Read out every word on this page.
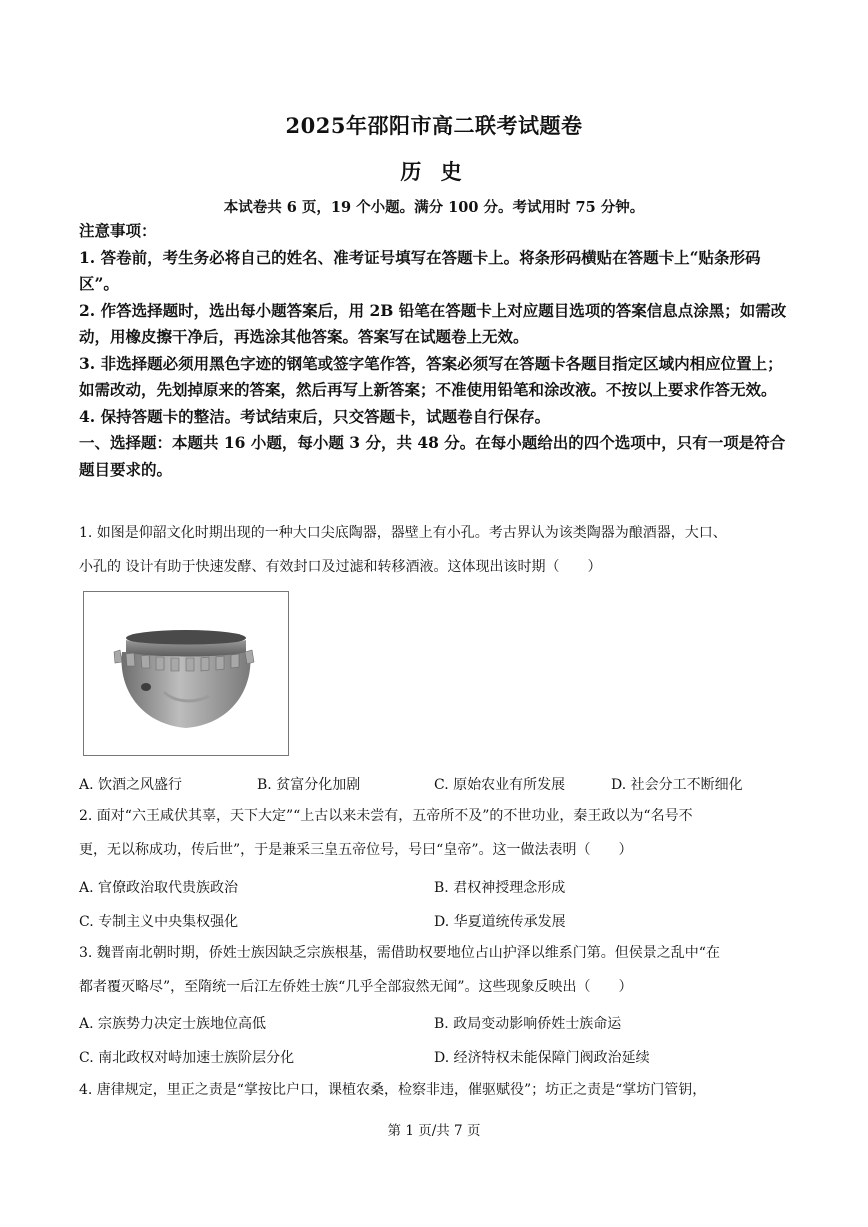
2025年邵阳市高二联考试题卷
历 史
本试卷共 6 页，19 个小题。满分 100 分。考试用时 75 分钟。

注意事项：

1. 答卷前，考生务必将自己的姓名、准考证号填写在答题卡上。将条形码横贴在答题卡上“贴条形码区”。

2. 作答选择题时，选出每小题答案后，用 2B 铅笔在答题卡上对应题目选项的答案信息点涂黑；如需改动，用橡皮擦干净后，再选涂其他答案。答案写在试题卷上无效。

3. 非选择题必须用黑色字迹的钢笔或签字笔作答，答案必须写在答题卡各题目指定区域内相应位置上；如需改动，先划掉原来的答案，然后再写上新答案；不准使用铅笔和涂改液。不按以上要求作答无效。

4. 保持答题卡的整洁。考试结束后，只交答题卡，试题卷自行保存。

一、选择题：本题共 16 小题，每小题 3 分，共 48 分。在每小题给出的四个选项中，只有一项是符合题目要求的。

1. 如图是仰韶文化时期出现的一种大口尖底陶器，器壁上有小孔。考古界认为该类陶器为酿酒器，大口、

小孔的 设计有助于快速发酵、有效封口及过滤和转移酒液。这体现出该时期（　　）

A. 饮酒之风盛行	B. 贫富分化加剧	C. 原始农业有所发展	D. 社会分工不断细化

2. 面对“六王咸伏其辜，天下大定”“上古以来未尝有，五帝所不及”的不世功业，秦王政以为“名号不

更，无以称成功，传后世”，于是兼采三皇五帝位号，号曰“皇帝”。这一做法表明（　　）

A. 官僚政治取代贵族政治	B. 君权神授理念形成
C. 专制主义中央集权强化	D. 华夏道统传承发展

3. 魏晋南北朝时期，侨姓士族因缺乏宗族根基，需借助权要地位占山护泽以维系门第。但侯景之乱中“在

都者覆灭略尽”，至隋统一后江左侨姓士族“几乎全部寂然无闻”。这些现象反映出（　　）

A. 宗族势力决定士族地位高低	B. 政局变动影响侨姓士族命运
C. 南北政权对峙加速士族阶层分化	D. 经济特权未能保障门阀政治延续

4. 唐律规定，里正之责是“掌按比户口，课植农桑，检察非违，催驱赋役”；坊正之责是“掌坊门管钥，

第 1 页/共 7 页
